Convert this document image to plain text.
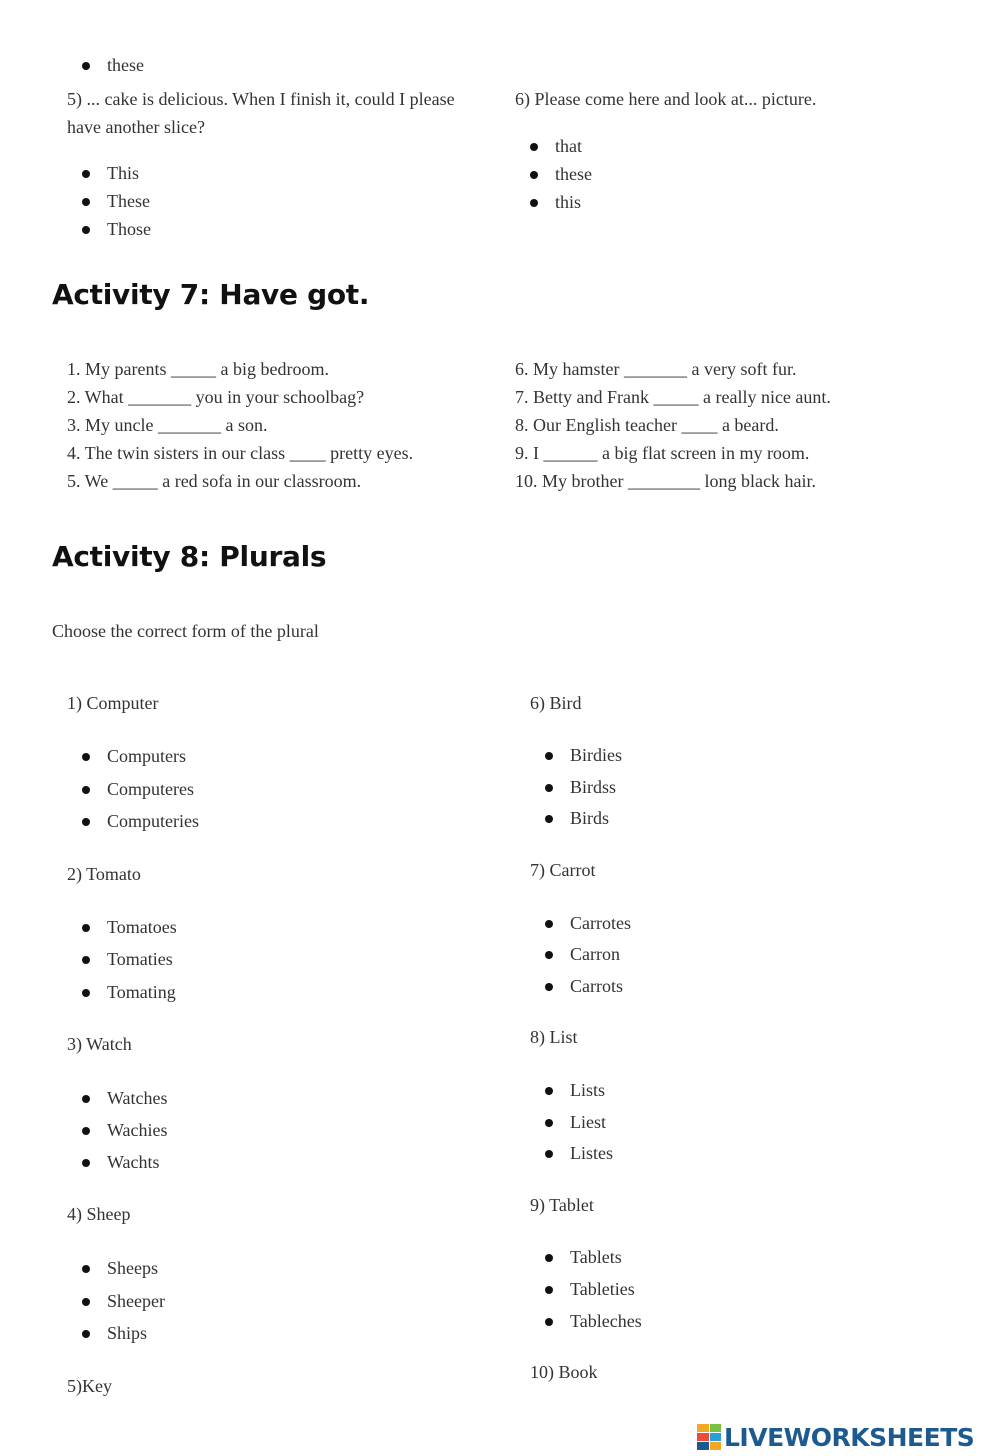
these
5) ... cake is delicious. When I finish it, could I please have another slice?
This
These
Those
6) Please come here and look at... picture.
that
these
this
Activity 7: Have got.
1. My parents _____ a big bedroom.
2. What _______ you in your schoolbag?
3. My uncle _______ a son.
4. The twin sisters in our class ____ pretty eyes.
5. We _____ a red sofa in our classroom.
6. My hamster _______ a very soft fur.
7. Betty and Frank _____ a really nice aunt.
8. Our English teacher ____ a beard.
9. I ______ a big flat screen in my room.
10. My brother ________ long black hair.
Activity 8: Plurals
Choose the correct form of the plural
1) Computer
Computers
Computeres
Computeries
2) Tomato
Tomatoes
Tomaties
Tomating
3) Watch
Watches
Wachies
Wachts
4) Sheep
Sheeps
Sheeper
Ships
5)Key
6) Bird
Birdies
Birdss
Birds
7) Carrot
Carrotes
Carron
Carrots
8) List
Lists
Liest
Listes
9) Tablet
Tablets
Tableties
Tableches
10) Book
LIVEWORKSHEETS
